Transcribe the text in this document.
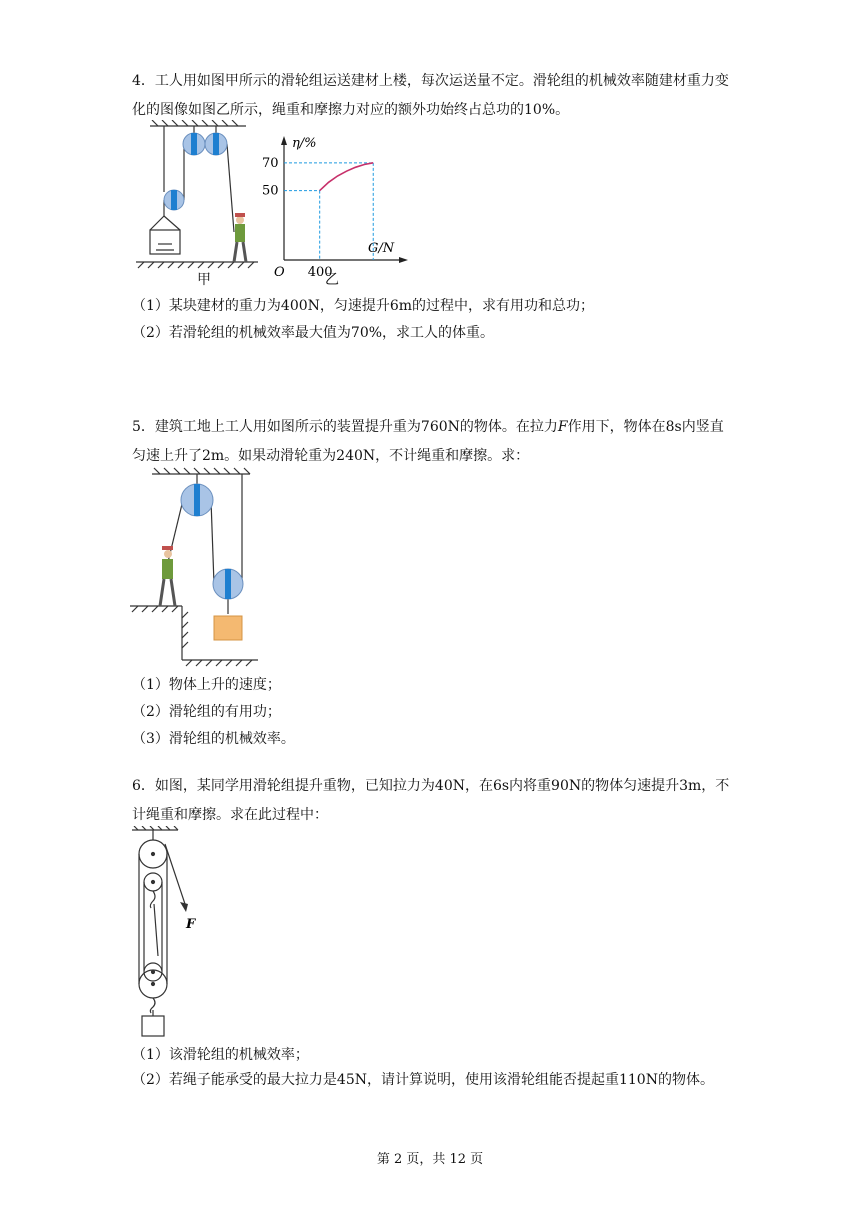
4．工人用如图甲所示的滑轮组运送建材上楼，每次运送量不定。滑轮组的机械效率随建材重力变化的图像如图乙所示，绳重和摩擦力对应的额外功始终占总功的10%。

甲
η/%
G/N
O 400
50
70
乙

（1）某块建材的重力为400N，匀速提升6m的过程中，求有用功和总功；

（2）若滑轮组的机械效率最大值为70%，求工人的体重。

5．建筑工地上工人用如图所示的装置提升重为760N的物体。在拉力F作用下，物体在8s内竖直匀速上升了2m。如果动滑轮重为240N，不计绳重和摩擦。求：

（1）物体上升的速度；

（2）滑轮组的有用功；

（3）滑轮组的机械效率。

6．如图，某同学用滑轮组提升重物，已知拉力为40N，在6s内将重90N的物体匀速提升3m，不计绳重和摩擦。求在此过程中：

F

（1）该滑轮组的机械效率；

（2）若绳子能承受的最大拉力是45N，请计算说明，使用该滑轮组能否提起重110N的物体。

第 2 页，共 12 页
